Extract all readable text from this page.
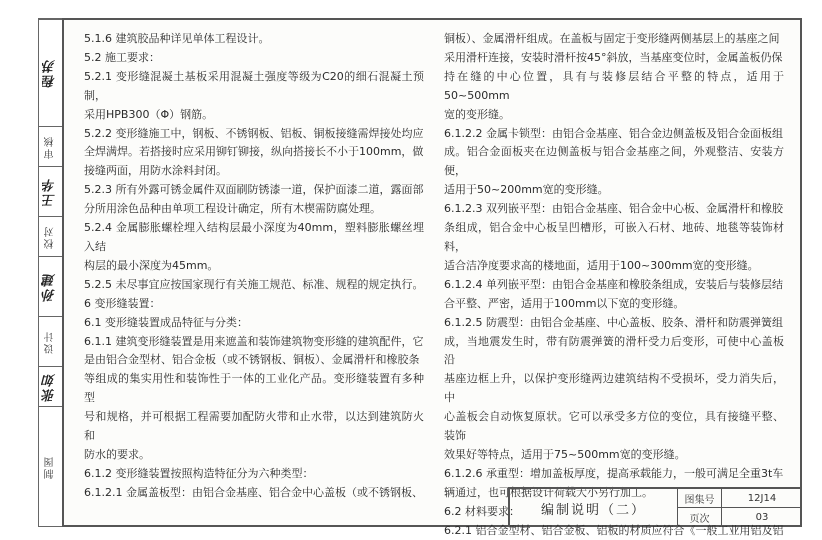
制图
张如
设计
孙建
校对
王华
审核
程苏

5.1.6 建筑胶品种详见单体工程设计。

5.2 施工要求：

5.2.1 变形缝混凝土基板采用混凝土强度等级为C20的细石混凝土预制，

采用HPB300（Φ）钢筋。

5.2.2 变形缝施工中，钢板、不锈钢板、铝板、铜板接缝需焊接处均应

全焊满焊。若搭接时应采用铆钉铆接，纵向搭接长不小于100mm，做

接缝两面，用防水涂料封闭。

5.2.3 所有外露可锈金属件双面刷防锈漆一道，保护面漆二道，露面部

分所用涂色品种由单项工程设计确定，所有木楔需防腐处理。

5.2.4 金属膨胀螺栓埋入结构层最小深度为40mm，塑料膨胀螺丝埋入结

构层的最小深度为45mm。

5.2.5 未尽事宜应按国家现行有关施工规范、标准、规程的规定执行。

6 变形缝装置：

6.1 变形缝装置成品特征与分类：

6.1.1 建筑变形缝装置是用来遮盖和装饰建筑物变形缝的建筑配件，它

是由铝合金型材、铝合金板（或不锈钢板、铜板）、金属滑杆和橡胶条

等组成的集实用性和装饰性于一体的工业化产品。变形缝装置有多种型

号和规格，并可根据工程需要加配防火带和止水带，以达到建筑防火和

防水的要求。

6.1.2 变形缝装置按照构造特征分为六种类型：

6.1.2.1 金属盖板型：由铝合金基座、铝合金中心盖板（或不锈钢板、

铜板）、金属滑杆组成。在盖板与固定于变形缝两侧基层上的基座之间

采用滑杆连接，安装时滑杆按45°斜放，当基座变位时，金属盖板仍保

持在缝的中心位置，具有与装修层结合平整的特点，适用于50~500mm

宽的变形缝。

6.1.2.2 金属卡锁型：由铝合金基座、铝合金边侧盖板及铝合金面板组

成。铝合金面板夹在边侧盖板与铝合金基座之间，外观整洁、安装方便，

适用于50~200mm宽的变形缝。

6.1.2.3 双列嵌平型：由铝合金基座、铝合金中心板、金属滑杆和橡胶

条组成，铝合金中心板呈凹槽形，可嵌入石材、地砖、地毯等装饰材料，

适合洁净度要求高的楼地面，适用于100~300mm宽的变形缝。

6.1.2.4 单列嵌平型：由铝合金基座和橡胶条组成，安装后与装修层结

合平整、严密，适用于100mm以下宽的变形缝。

6.1.2.5 防震型：由铝合金基座、中心盖板、胶条、滑杆和防震弹簧组

成，当地震发生时，带有防震弹簧的滑杆受力后变形，可使中心盖板沿

基座边框上升，以保护变形缝两边建筑结构不受损坏，受力消失后，中

心盖板会自动恢复原状。它可以承受多方位的变位，具有接缝平整、装饰

效果好等特点，适用于75~500mm宽的变形缝。

6.1.2.6 承重型：增加盖板厚度，提高承载能力，一般可满足全重3t车

辆通过，也可根据设计荷载大小另行加工。

6.2 材料要求：

6.2.1 铝合金型材、铝合金板、铝板的材质应符合《一般工业用铝及铝

编制说明（二）
图集号	12J14
页次	03
